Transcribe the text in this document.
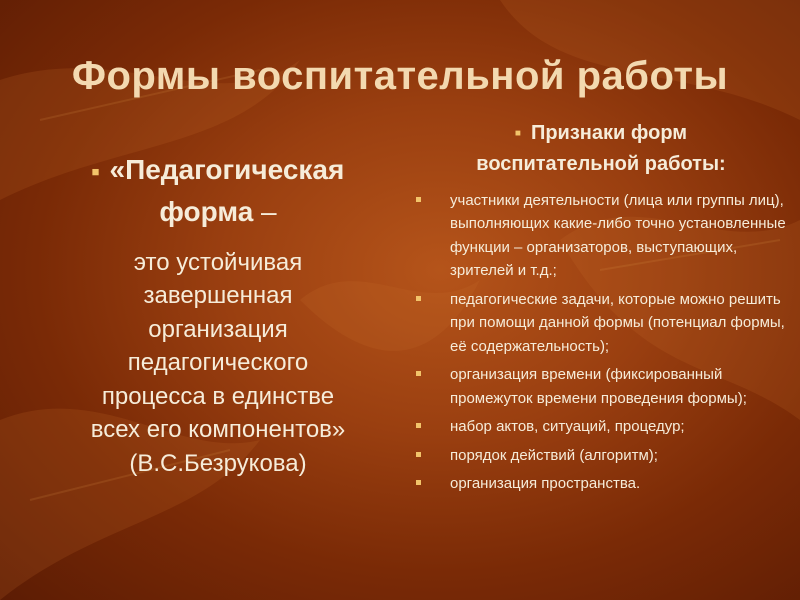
Формы воспитательной работы
■ «Педагогическая
форма –
это устойчивая
завершенная
организация
педагогического
процесса в единстве
всех его компонентов»
(В.С.Безрукова)
■ Признаки форм
воспитательной работы:
участники деятельности (лица или группы лиц), выполняющих какие-либо точно установленные функции – организаторов, выступающих, зрителей и т.д.;
педагогические задачи, которые можно решить при помощи данной формы (потенциал формы, её содержательность);
организация времени (фиксированный промежуток времени проведения формы);
набор актов, ситуаций, процедур;
порядок действий (алгоритм);
организация пространства.
